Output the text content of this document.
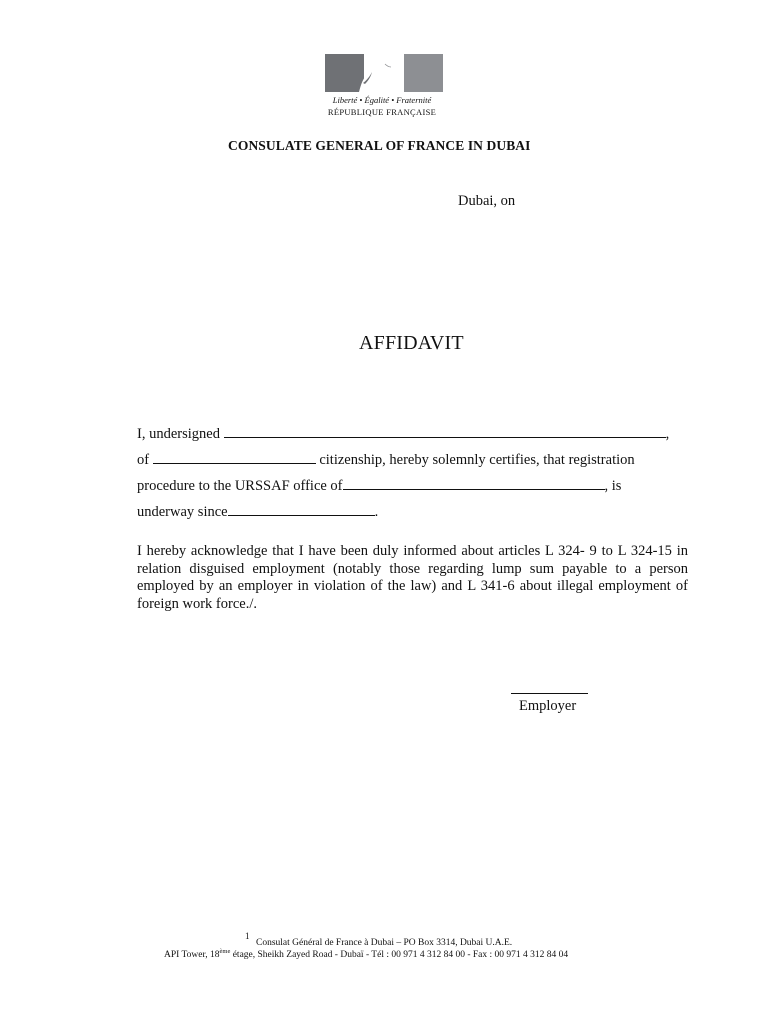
Liberté • Égalité • Fraternité
RÉPUBLIQUE FRANÇAISE
CONSULATE GENERAL OF FRANCE IN DUBAI
Dubai, on
AFFIDAVIT
I, undersigned	,
of	citizenship, hereby solemnly certifies, that registration
procedure to the URSSAF office of	, is
underway since	.
I hereby acknowledge that I have been duly informed about articles L 324- 9 to L 324-15 in relation disguised employment (notably those regarding lump sum payable to a person employed by an employer in violation of the law) and L 341-6 about illegal employment of foreign work force./.
Employer
1
Consulat Général de France à Dubai – PO Box 3314, Dubai U.A.E.
API Tower, 18ème étage, Sheikh Zayed Road - Dubaï - Tél : 00 971 4 312 84 00 - Fax : 00 971 4 312 84 04
